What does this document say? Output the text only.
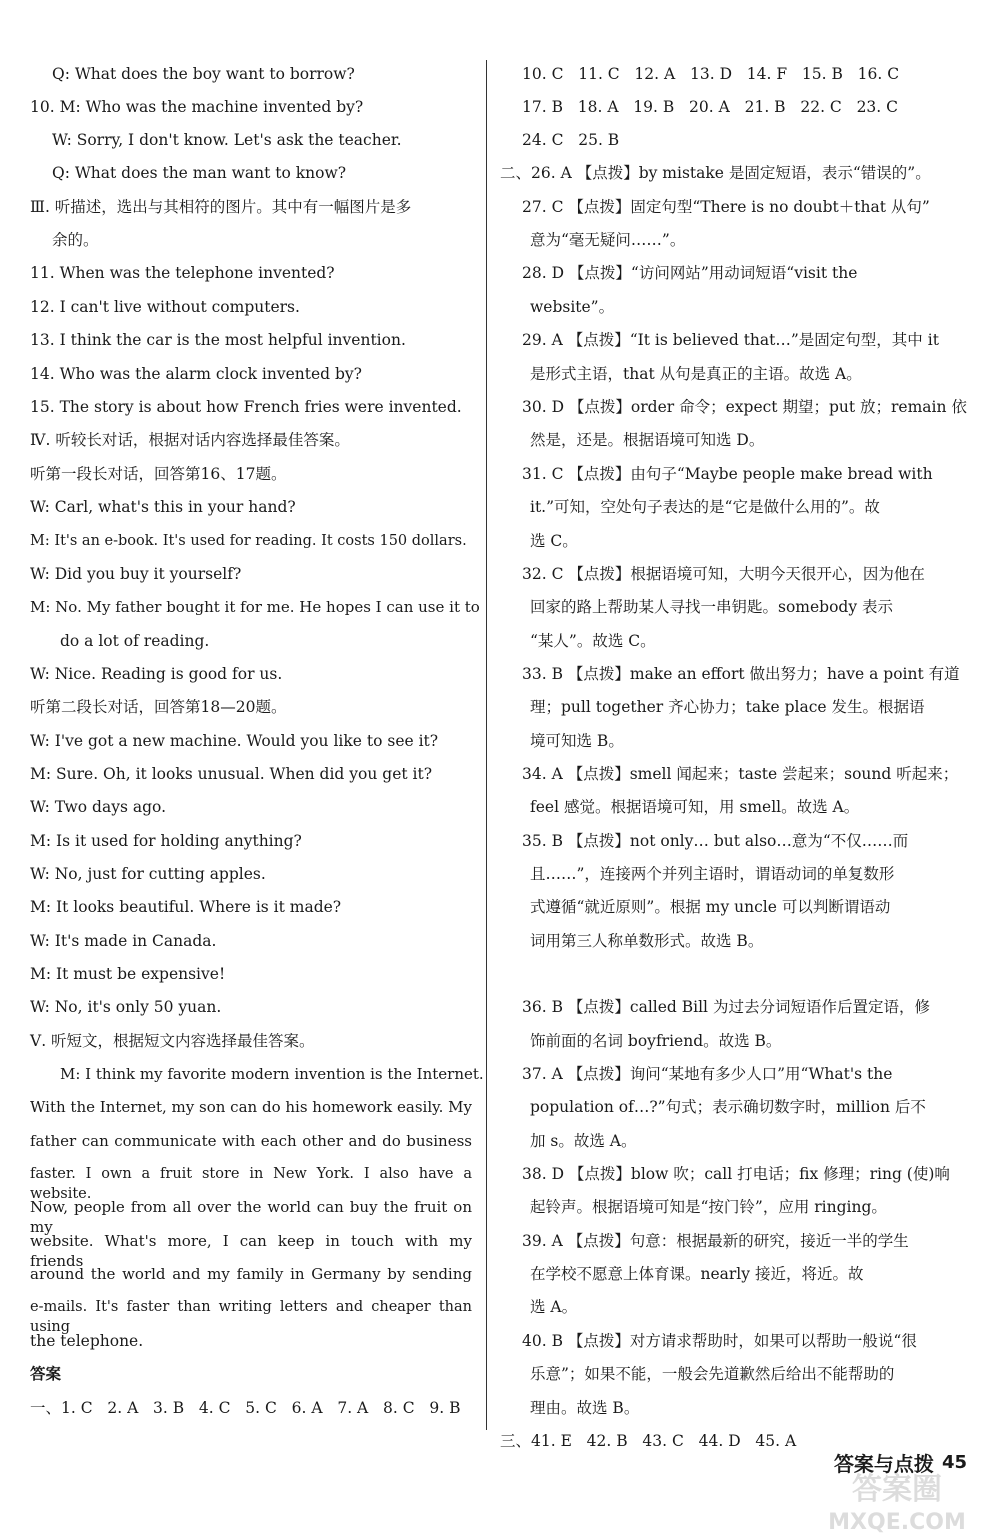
Q: What does the boy want to borrow?
10. M: Who was the machine invented by?
W: Sorry, I don't know. Let's ask the teacher.
Q: What does the man want to know?
Ⅲ. 听描述，选出与其相符的图片。其中有一幅图片是多
余的。
11. When was the telephone invented?
12. I can't live without computers.
13. I think the car is the most helpful invention.
14. Who was the alarm clock invented by?
15. The story is about how French fries were invented.
Ⅳ. 听较长对话，根据对话内容选择最佳答案。
听第一段长对话，回答第16、17题。
W: Carl, what's this in your hand?
M: It's an e-book. It's used for reading. It costs 150 dollars.
W: Did you buy it yourself?
M: No. My father bought it for me. He hopes I can use it to
do a lot of reading.
W: Nice. Reading is good for us.
听第二段长对话，回答第18—20题。
W: I've got a new machine. Would you like to see it?
M: Sure. Oh, it looks unusual. When did you get it?
W: Two days ago.
M: Is it used for holding anything?
W: No, just for cutting apples.
M: It looks beautiful. Where is it made?
W: It's made in Canada.
M: It must be expensive!
W: No, it's only 50 yuan.
Ⅴ. 听短文，根据短文内容选择最佳答案。
M: I think my favorite modern invention is the Internet.
With the Internet, my son can do his homework easily. My
father can communicate with each other and do business
faster. I own a fruit store in New York. I also have a website.
Now, people from all over the world can buy the fruit on my
website. What's more, I can keep in touch with my friends
around the world and my family in Germany by sending
e-mails. It's faster than writing letters and cheaper than using
the telephone.
答案
一、1. C   2. A   3. B   4. C   5. C   6. A   7. A   8. C   9. B
10. C   11. C   12. A   13. D   14. F   15. B   16. C
17. B   18. A   19. B   20. A   21. B   22. C   23. C
24. C   25. B
二、26. A 【点拨】by mistake 是固定短语，表示“错误的”。
27. C 【点拨】固定句型“There is no doubt＋that 从句”
意为“毫无疑问……”。
28. D 【点拨】“访问网站”用动词短语“visit the
website”。
29. A 【点拨】“It is believed that…”是固定句型，其中 it
是形式主语，that 从句是真正的主语。故选 A。
30. D 【点拨】order 命令；expect 期望；put 放；remain 依
然是，还是。根据语境可知选 D。
31. C 【点拨】由句子“Maybe people make bread with
it.”可知，空处句子表达的是“它是做什么用的”。故
选 C。
32. C 【点拨】根据语境可知，大明今天很开心，因为他在
回家的路上帮助某人寻找一串钥匙。somebody 表示
“某人”。故选 C。
33. B 【点拨】make an effort 做出努力；have a point 有道
理；pull together 齐心协力；take place 发生。根据语
境可知选 B。
34. A 【点拨】smell 闻起来；taste 尝起来；sound 听起来；
feel 感觉。根据语境可知，用 smell。故选 A。
35. B 【点拨】not only… but also…意为“不仅……而
且……”，连接两个并列主语时，谓语动词的单复数形
式遵循“就近原则”。根据 my uncle 可以判断谓语动
词用第三人称单数形式。故选 B。
36. B 【点拨】called Bill 为过去分词短语作后置定语，修
饰前面的名词 boyfriend。故选 B。
37. A 【点拨】询问“某地有多少人口”用“What's the
population of…?”句式；表示确切数字时，million 后不
加 s。故选 A。
38. D 【点拨】blow 吹；call 打电话；fix 修理；ring (使)响
起铃声。根据语境可知是“按门铃”，应用 ringing。
39. A 【点拨】句意：根据最新的研究，接近一半的学生
在学校不愿意上体育课。nearly 接近，将近。故
选 A。
40. B 【点拨】对方请求帮助时，如果可以帮助一般说“很
乐意”；如果不能，一般会先道歉然后给出不能帮助的
理由。故选 B。
三、41. E   42. B   43. C   44. D   45. A
答案圈
MXQE.COM
答案与点拨 45
